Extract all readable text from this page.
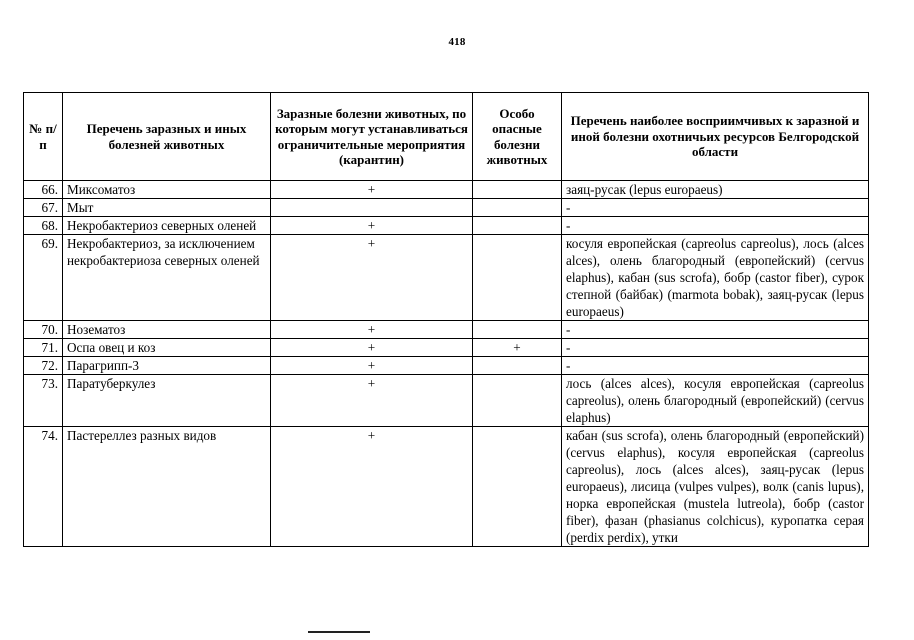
418
№ п/п	Перечень заразных и иных болезней животных	Заразные болезни животных, по которым могут устанавливаться ограничительные мероприятия (карантин)	Особо опасные болезни животных	Перечень наиболее восприимчивых к заразной и иной болезни охотничьих ресурсов Белгородской области
66.	Миксоматоз	+		заяц-русак (lepus europaeus)
67.	Мыт			-
68.	Некробактериоз северных оленей	+		-
69.	Некробактериоз, за исключением некробактериоза северных оленей	+		косуля европейская (capreolus capreolus), лось (alces alces), олень благородный (европейский) (cervus elaphus), кабан (sus scrofa), бобр (castor fiber), сурок степной (байбак) (marmota bobak), заяц-русак (lepus europaeus)
70.	Нозематоз	+		-
71.	Оспа овец и коз	+	+	-
72.	Парагрипп-3	+		-
73.	Паратуберкулез	+		лось (alces alces), косуля европейская (capreolus capreolus), олень благородный (европейский) (cervus elaphus)
74.	Пастереллез разных видов	+		кабан (sus scrofa), олень благородный (европейский) (cervus elaphus), косуля европейская (capreolus capreolus), лось (alces alces), заяц-русак (lepus europaeus), лисица (vulpes vulpes), волк (canis lupus), норка европейская (mustela lutreola), бобр (castor fiber), фазан (phasianus colchicus), куропатка серая (perdix perdix), утки
